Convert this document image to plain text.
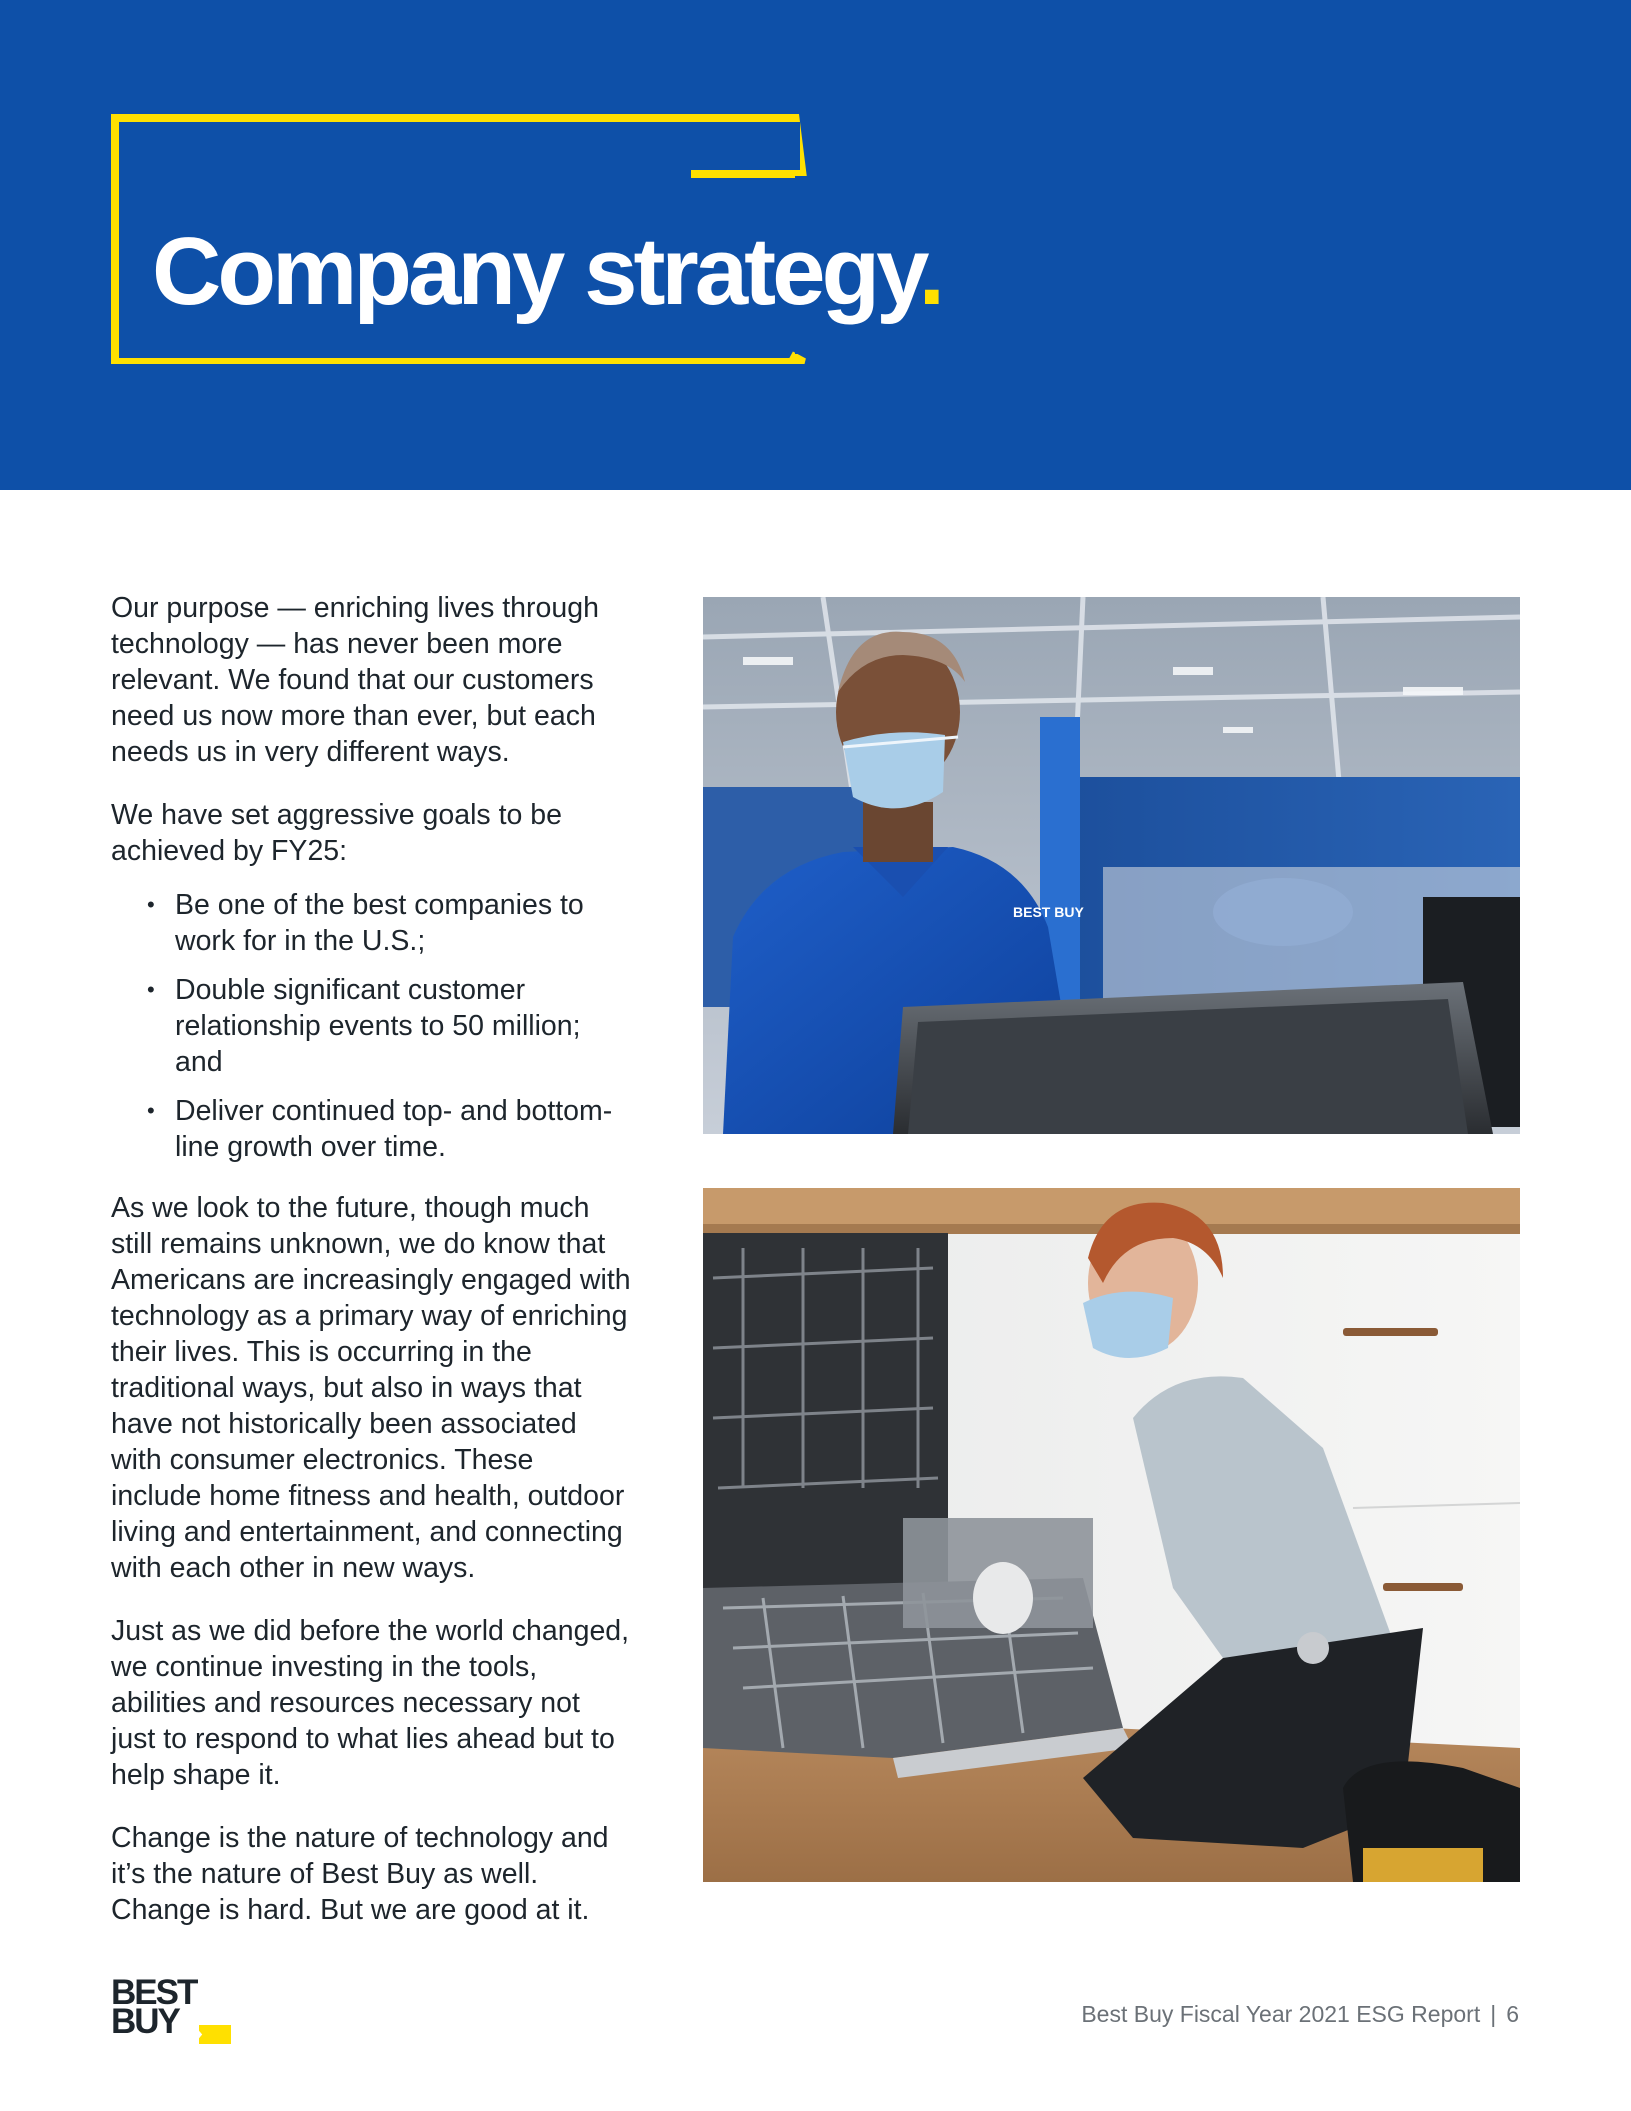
Company strategy.

Our purpose — enriching lives through technology — has never been more relevant. We found that our customers need us now more than ever, but each needs us in very different ways.

We have set aggressive goals to be achieved by FY25:

• Be one of the best companies to work for in the U.S.;
• Double significant customer relationship events to 50 million; and
• Deliver continued top- and bottom-line growth over time.

As we look to the future, though much still remains unknown, we do know that Americans are increasingly engaged with technology as a primary way of enriching their lives. This is occurring in the traditional ways, but also in ways that have not historically been associated with consumer electronics. These include home fitness and health, outdoor living and entertainment, and connecting with each other in new ways.

Just as we did before the world changed, we continue investing in the tools, abilities and resources necessary not just to respond to what lies ahead but to help shape it.

Change is the nature of technology and it’s the nature of Best Buy as well. Change is hard. But we are good at it.

BEST BUY
BEST
BUY	Best Buy Fiscal Year 2021 ESG Report | 6
